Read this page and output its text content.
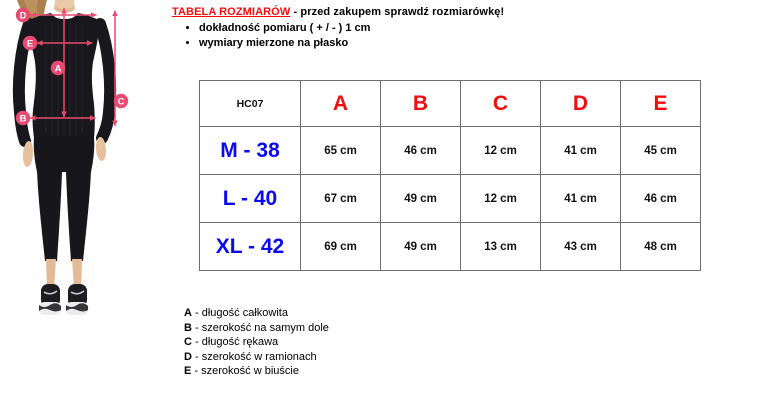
D
E
A
B
C
TABELA ROZMIARÓW - przed zakupem sprawdź rozmiarówkę!
• dokładność pomiaru ( + / - ) 1 cm
• wymiary mierzone na płasko
HC07	A	B	C	D	E
M - 38	65 cm	46 cm	12 cm	41 cm	45 cm
L - 40	67 cm	49 cm	12 cm	41 cm	46 cm
XL - 42	69 cm	49 cm	13 cm	43 cm	48 cm
A - długość całkowita
B - szerokość na samym dole
C - długość rękawa
D - szerokość w ramionach
E - szerokość w biuście
